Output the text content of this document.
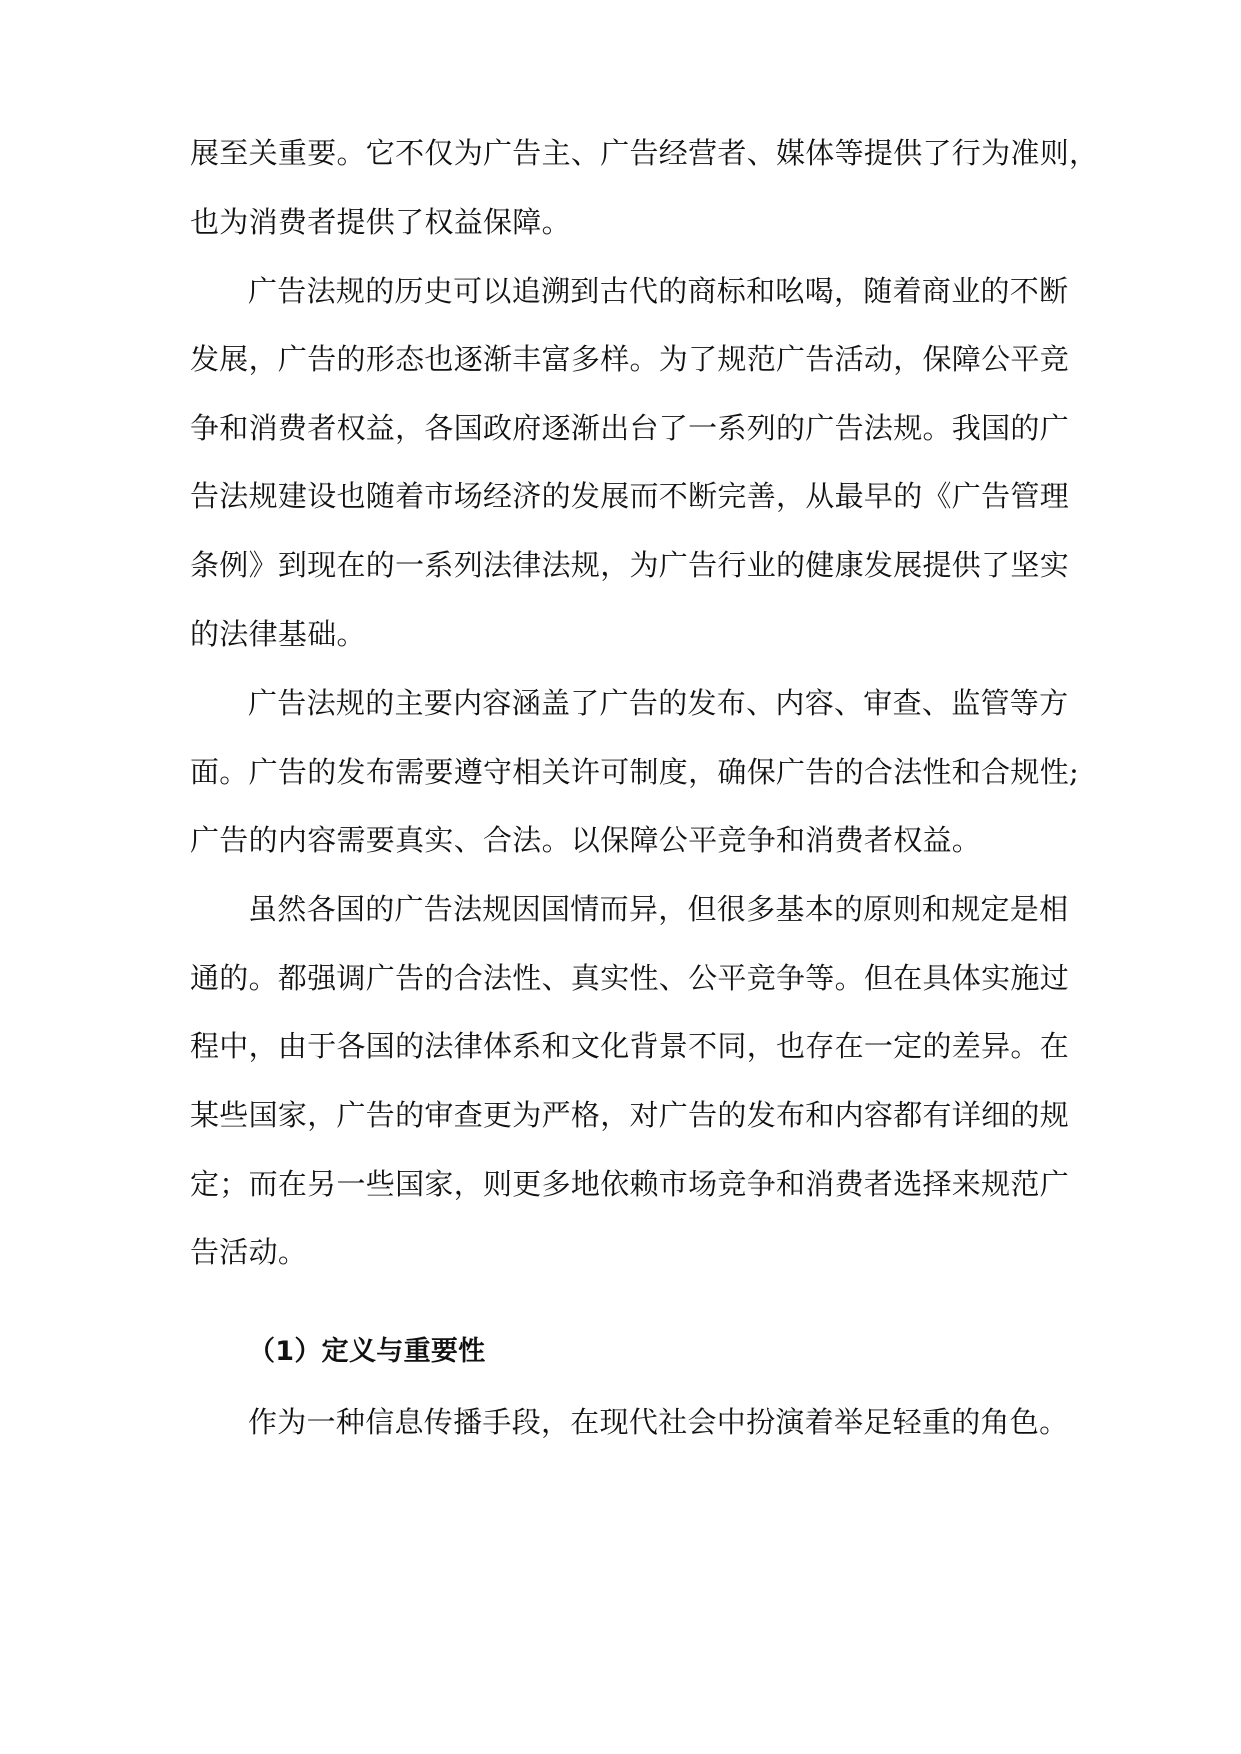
展至关重要。它不仅为广告主、广告经营者、媒体等提供了行为准则，
也为消费者提供了权益保障。
广告法规的历史可以追溯到古代的商标和吆喝，随着商业的不断
发展，广告的形态也逐渐丰富多样。为了规范广告活动，保障公平竞
争和消费者权益，各国政府逐渐出台了一系列的广告法规。我国的广
告法规建设也随着市场经济的发展而不断完善，从最早的《广告管理
条例》到现在的一系列法律法规，为广告行业的健康发展提供了坚实
的法律基础。
广告法规的主要内容涵盖了广告的发布、内容、审查、监管等方
面。广告的发布需要遵守相关许可制度，确保广告的合法性和合规性;
广告的内容需要真实、合法。以保障公平竞争和消费者权益。
虽然各国的广告法规因国情而异，但很多基本的原则和规定是相
通的。都强调广告的合法性、真实性、公平竞争等。但在具体实施过
程中，由于各国的法律体系和文化背景不同，也存在一定的差异。在
某些国家，广告的审查更为严格，对广告的发布和内容都有详细的规
定；而在另一些国家，则更多地依赖市场竞争和消费者选择来规范广
告活动。
（1）定义与重要性
作为一种信息传播手段，在现代社会中扮演着举足轻重的角色。
